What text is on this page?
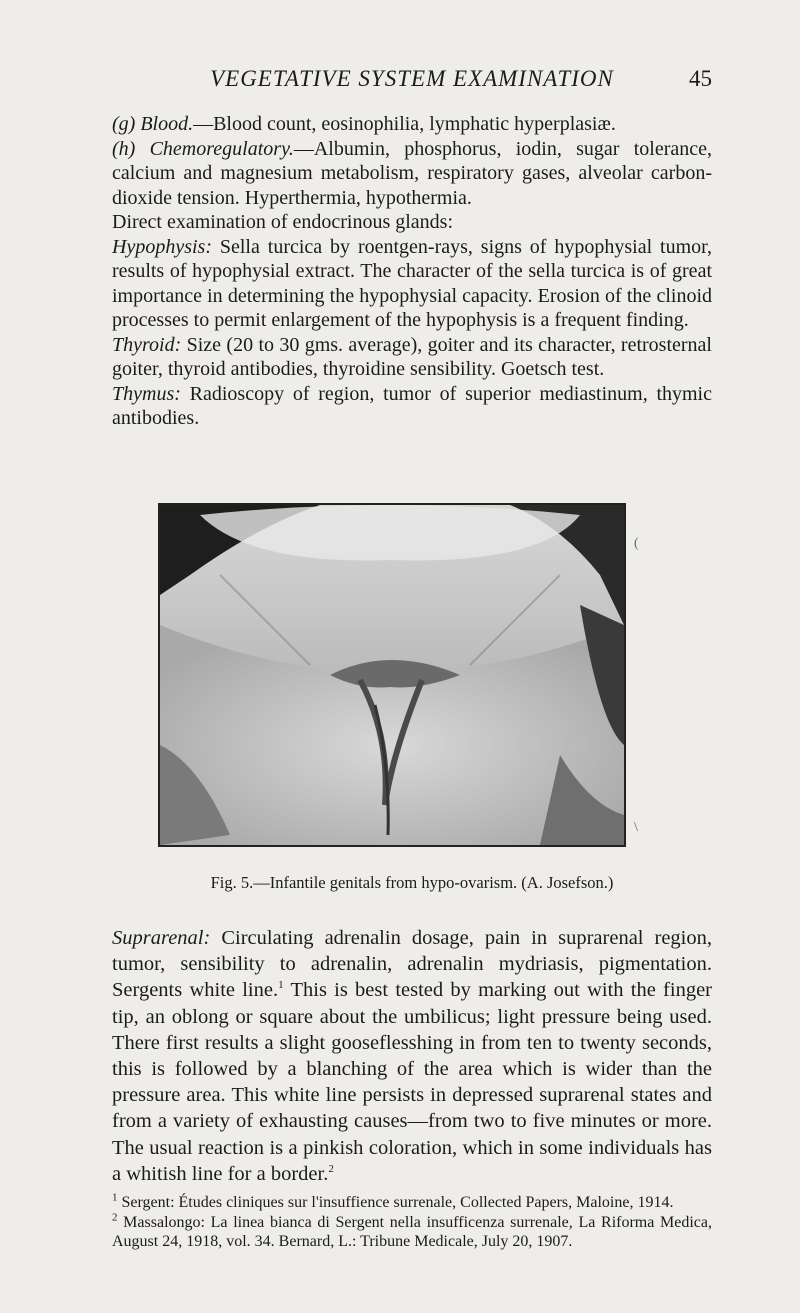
VEGETATIVE SYSTEM EXAMINATION	45

(g) Blood.—Blood count, eosinophilia, lymphatic hyperplasiæ.

(h) Chemoregulatory.—Albumin, phosphorus, iodin, sugar tolerance, calcium and magnesium metabolism, respiratory gases, alveolar carbon-dioxide tension. Hyperthermia, hypothermia.

Direct examination of endocrinous glands:

Hypophysis: Sella turcica by roentgen-rays, signs of hypophysial tumor, results of hypophysial extract. The character of the sella turcica is of great importance in determining the hypophysial capacity. Erosion of the clinoid processes to permit enlargement of the hypophysis is a frequent finding.

Thyroid: Size (20 to 30 gms. average), goiter and its character, retrosternal goiter, thyroid antibodies, thyroidine sensibility. Goetsch test.

Thymus: Radioscopy of region, tumor of superior mediastinum, thymic antibodies.

(
\
Fig. 5.—Infantile genitals from hypo-ovarism. (A. Josefson.)

Suprarenal: Circulating adrenalin dosage, pain in suprarenal region, tumor, sensibility to adrenalin, adrenalin mydriasis, pigmentation. Sergents white line.$^1$ This is best tested by marking out with the finger tip, an oblong or square about the umbilicus; light pressure being used. There first results a slight gooseflesshing in from ten to twenty seconds, this is followed by a blanching of the area which is wider than the pressure area. This white line persists in depressed suprarenal states and from a variety of exhausting causes—from two to five minutes or more. The usual reaction is a pinkish coloration, which in some individuals has a whitish line for a border.$^2$

$^1$ Sergent: Études cliniques sur l'insuffience surrenale, Collected Papers, Maloine, 1914.

$^2$ Massalongo: La linea bianca di Sergent nella insufficenza surrenale, La Riforma Medica, August 24, 1918, vol. 34. Bernard, L.: Tribune Medicale, July 20, 1907.
